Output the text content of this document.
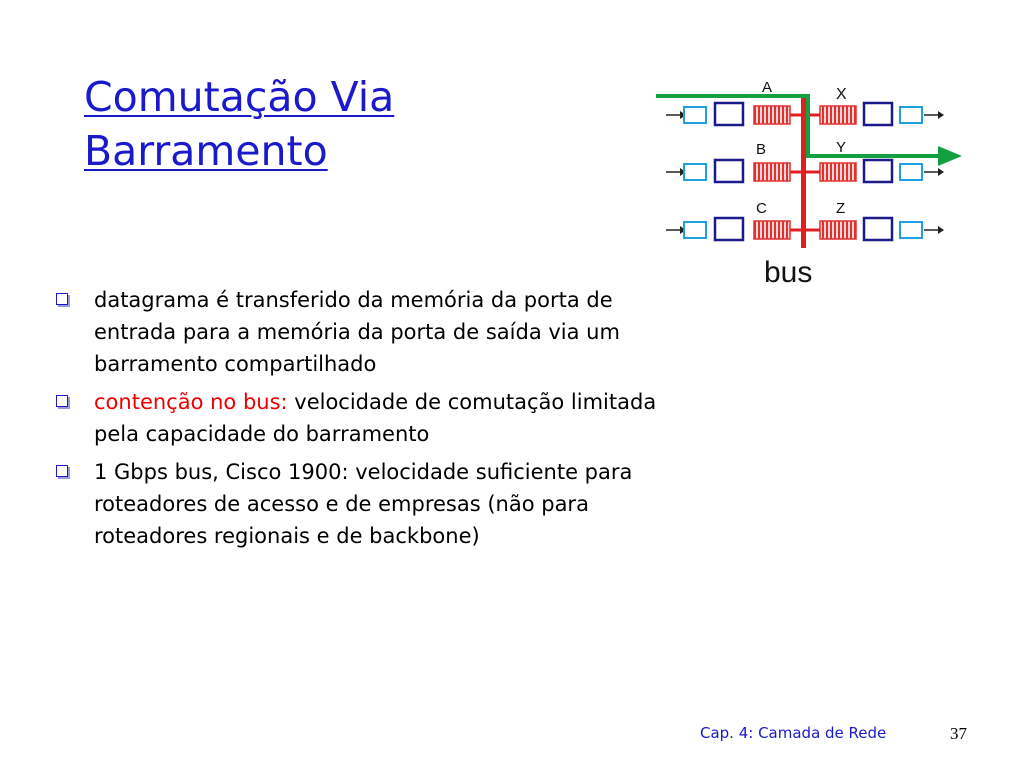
Comutação Via
Barramento
A	X
B	Y
C	Z
bus
datagrama é transferido da memória da porta de entrada para a memória da porta de saída via um barramento compartilhado
contenção no bus: velocidade de comutação limitada pela capacidade do barramento
1 Gbps bus, Cisco 1900: velocidade suficiente para roteadores de acesso e de empresas (não para roteadores regionais e de backbone)
Cap. 4: Camada de Rede	37
